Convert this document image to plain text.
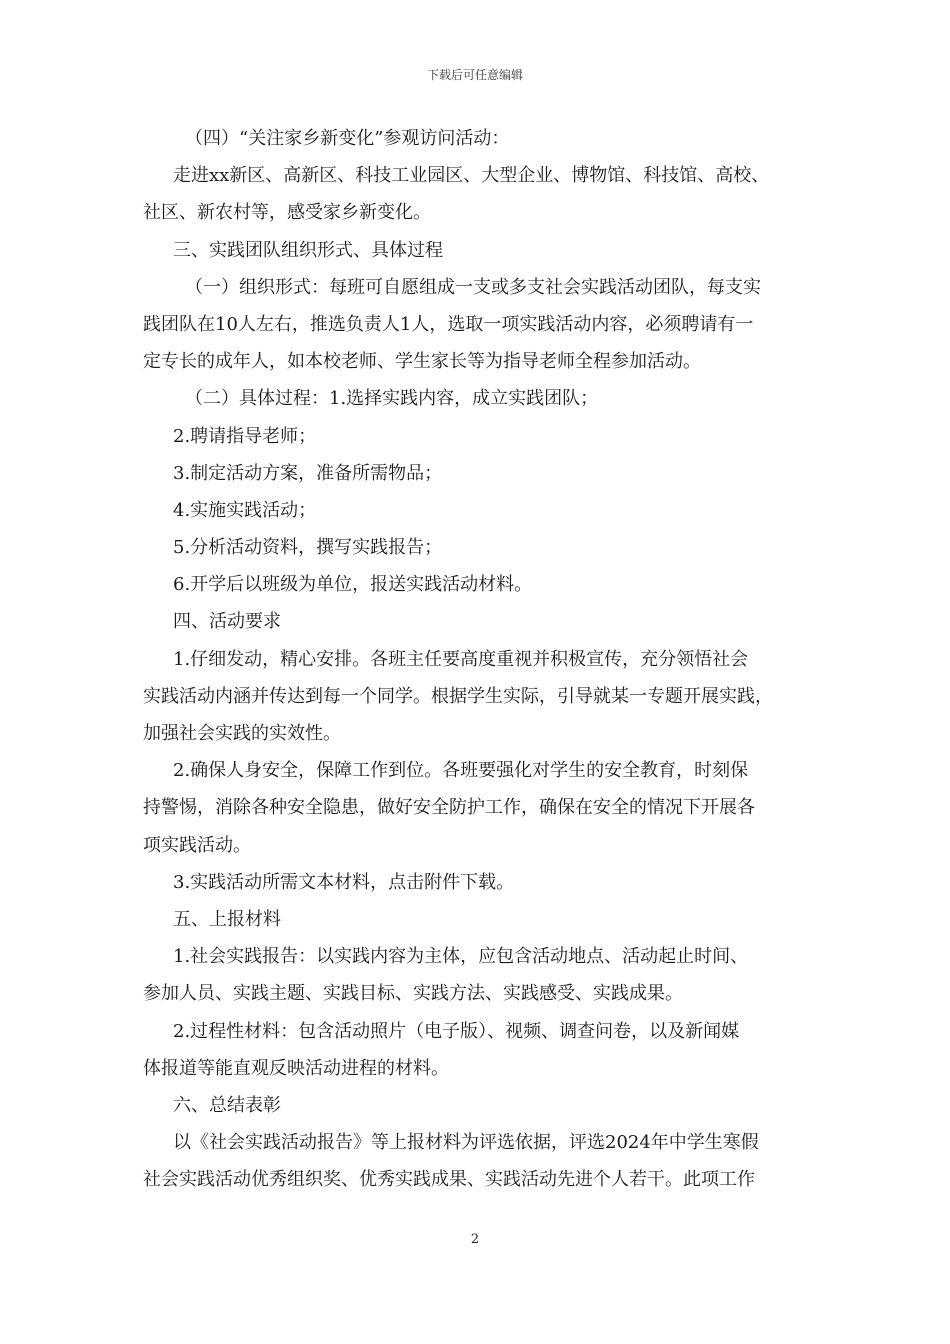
下载后可任意编辑
（四）“关注家乡新变化”参观访问活动：
走进xx新区、高新区、科技工业园区、大型企业、博物馆、科技馆、高校、
社区、新农村等，感受家乡新变化。
三、实践团队组织形式、具体过程
（一）组织形式：每班可自愿组成一支或多支社会实践活动团队，每支实
践团队在10人左右，推选负责人1人，选取一项实践活动内容，必须聘请有一
定专长的成年人，如本校老师、学生家长等为指导老师全程参加活动。
（二）具体过程：1.选择实践内容，成立实践团队；
2.聘请指导老师；
3.制定活动方案，准备所需物品；
4.实施实践活动；
5.分析活动资料，撰写实践报告；
6.开学后以班级为单位，报送实践活动材料。
四、活动要求
1.仔细发动，精心安排。各班主任要高度重视并积极宣传，充分领悟社会
实践活动内涵并传达到每一个同学。根据学生实际，引导就某一专题开展实践，
加强社会实践的实效性。
2.确保人身安全，保障工作到位。各班要强化对学生的安全教育，时刻保
持警惕，消除各种安全隐患，做好安全防护工作，确保在安全的情况下开展各
项实践活动。
3.实践活动所需文本材料，点击附件下载。
五、上报材料
1.社会实践报告：以实践内容为主体，应包含活动地点、活动起止时间、
参加人员、实践主题、实践目标、实践方法、实践感受、实践成果。
2.过程性材料：包含活动照片（电子版）、视频、调查问卷，以及新闻媒
体报道等能直观反映活动进程的材料。
六、总结表彰
以《社会实践活动报告》等上报材料为评选依据，评选2024年中学生寒假
社会实践活动优秀组织奖、优秀实践成果、实践活动先进个人若干。此项工作
2
